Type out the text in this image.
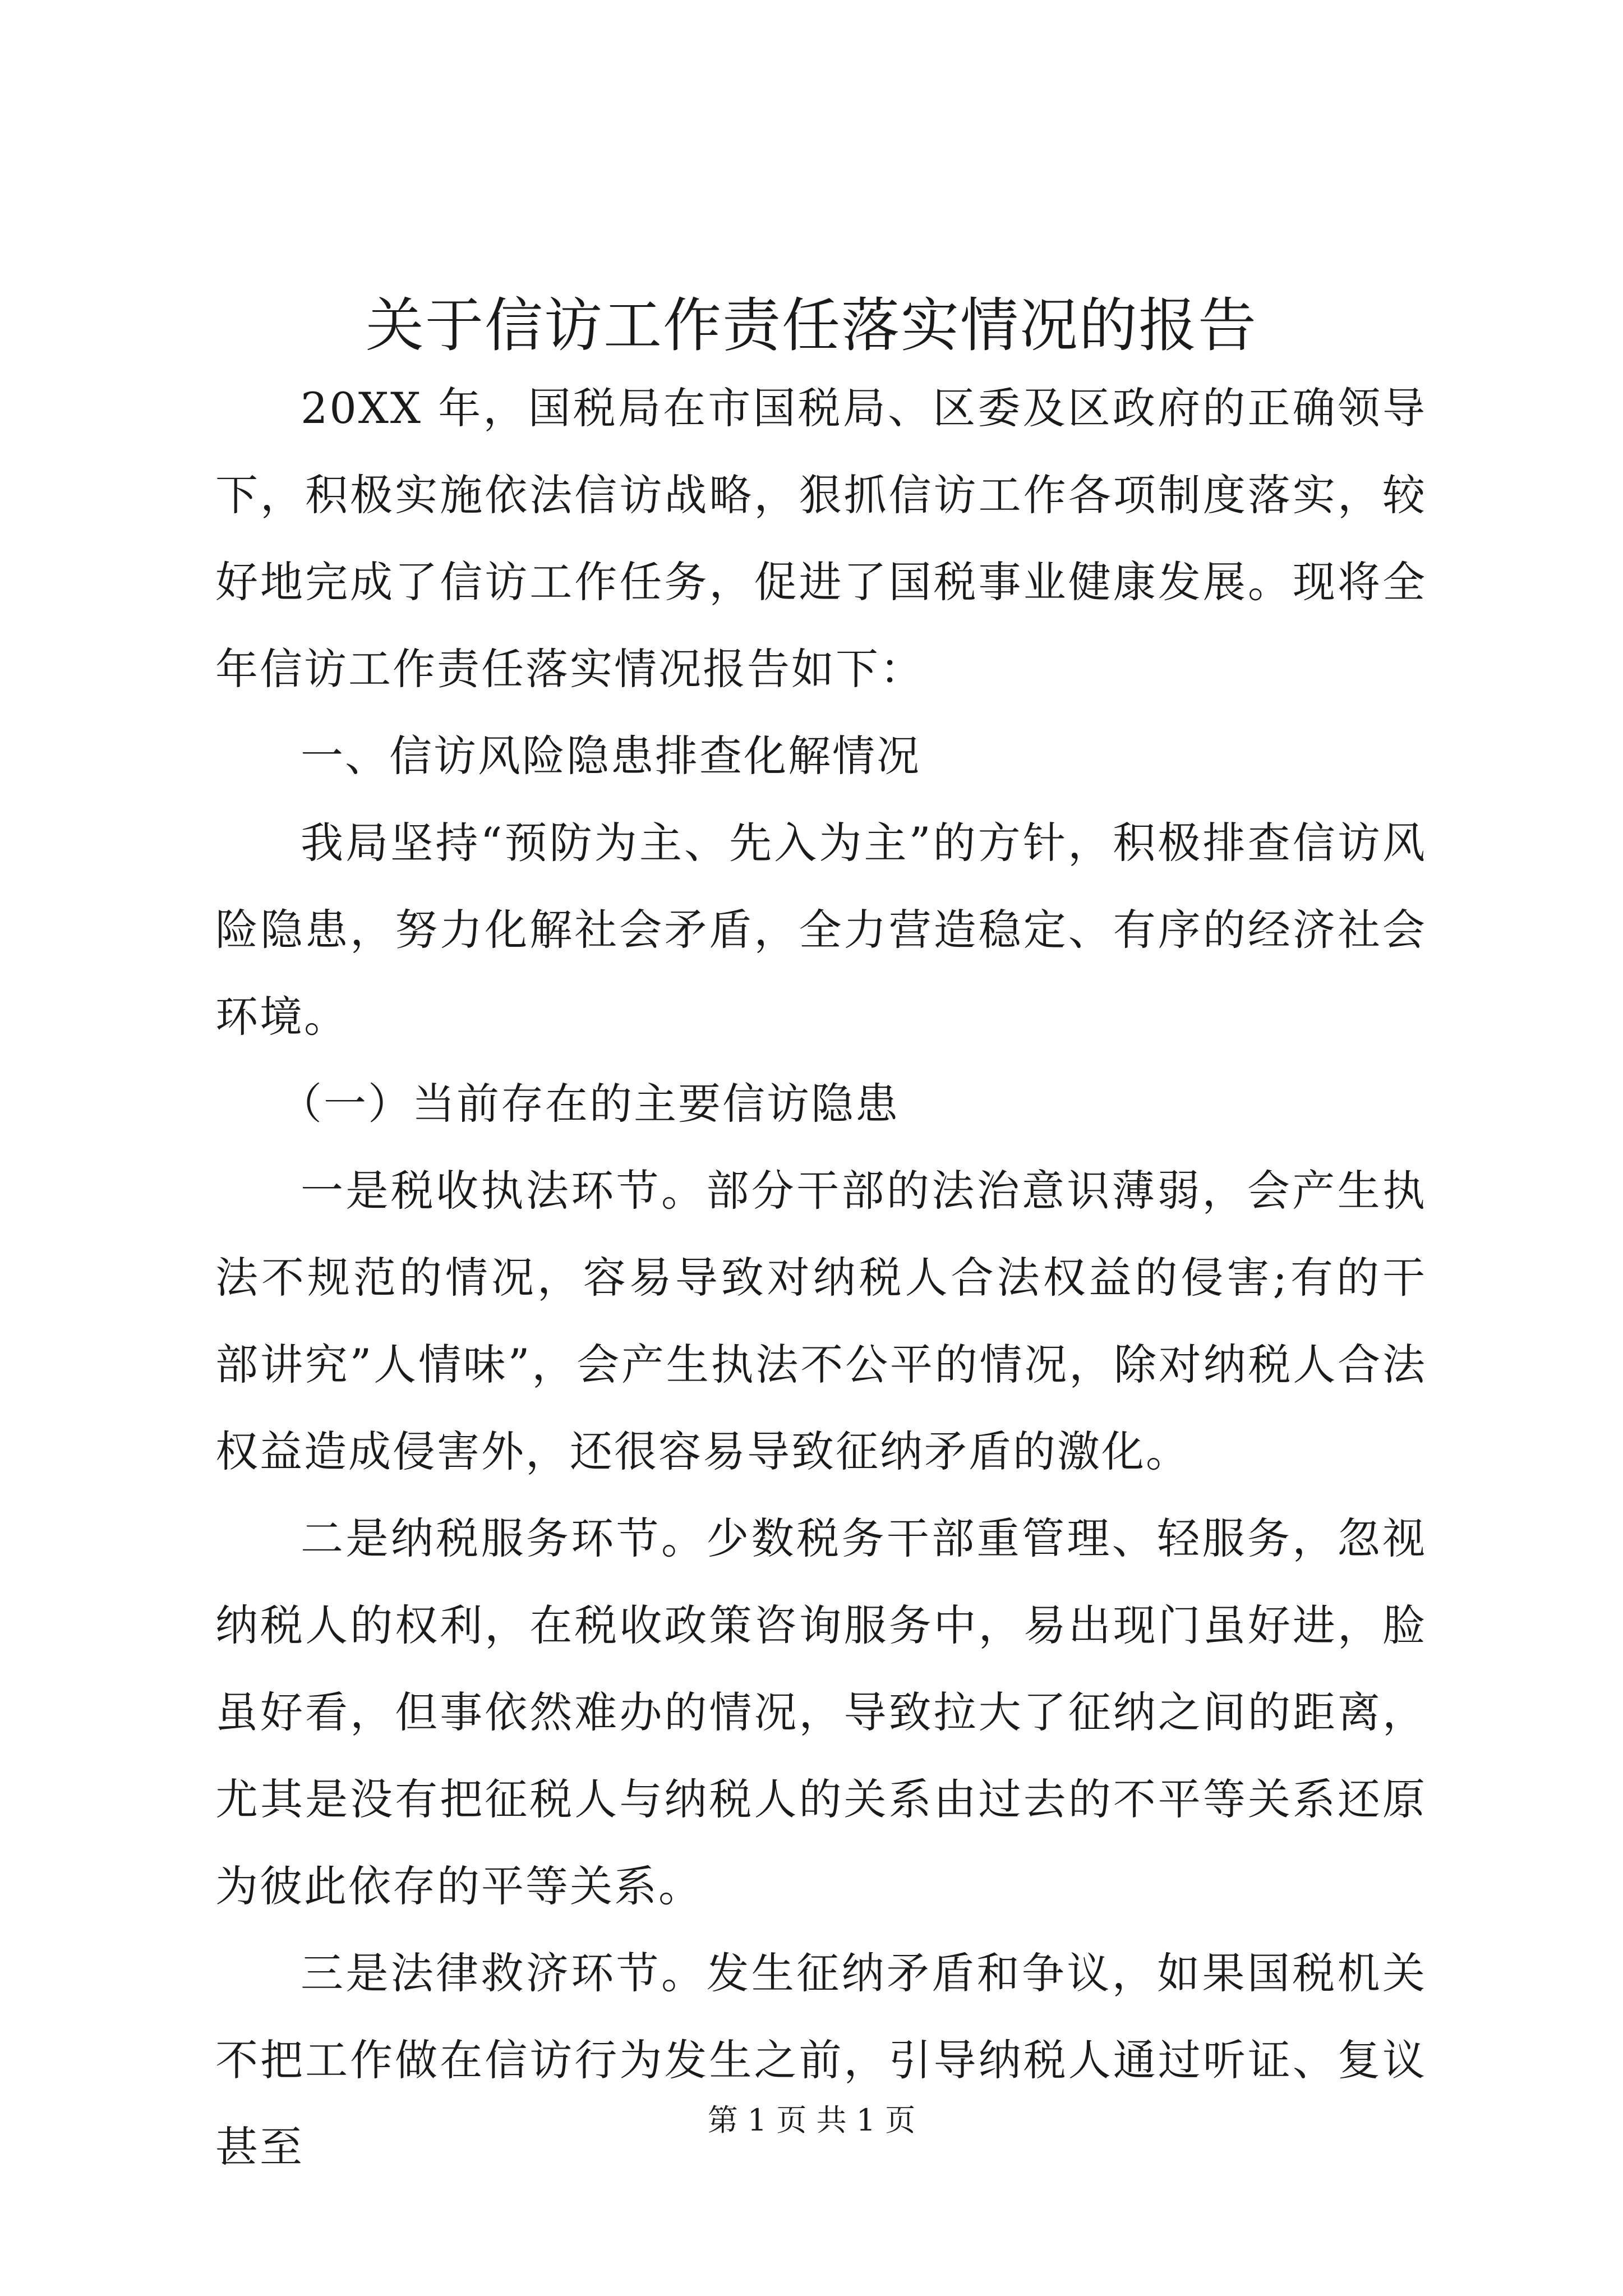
关于信访工作责任落实情况的报告

20XX 年，国税局在市国税局、区委及区政府的正确领导下，积极实施依法信访战略，狠抓信访工作各项制度落实，较好地完成了信访工作任务，促进了国税事业健康发展。现将全年信访工作责任落实情况报告如下：

一、信访风险隐患排查化解情况

我局坚持“预防为主、先入为主”的方针，积极排查信访风险隐患，努力化解社会矛盾，全力营造稳定、有序的经济社会环境。

（一）当前存在的主要信访隐患

一是税收执法环节。部分干部的法治意识薄弱，会产生执法不规范的情况，容易导致对纳税人合法权益的侵害;有的干部讲究”人情味”，会产生执法不公平的情况，除对纳税人合法权益造成侵害外，还很容易导致征纳矛盾的激化。

二是纳税服务环节。少数税务干部重管理、轻服务，忽视纳税人的权利，在税收政策咨询服务中，易出现门虽好进，脸虽好看，但事依然难办的情况，导致拉大了征纳之间的距离，尤其是没有把征税人与纳税人的关系由过去的不平等关系还原为彼此依存的平等关系。

三是法律救济环节。发生征纳矛盾和争议，如果国税机关不把工作做在信访行为发生之前，引导纳税人通过听证、复议甚至

第 1 页 共 1 页
